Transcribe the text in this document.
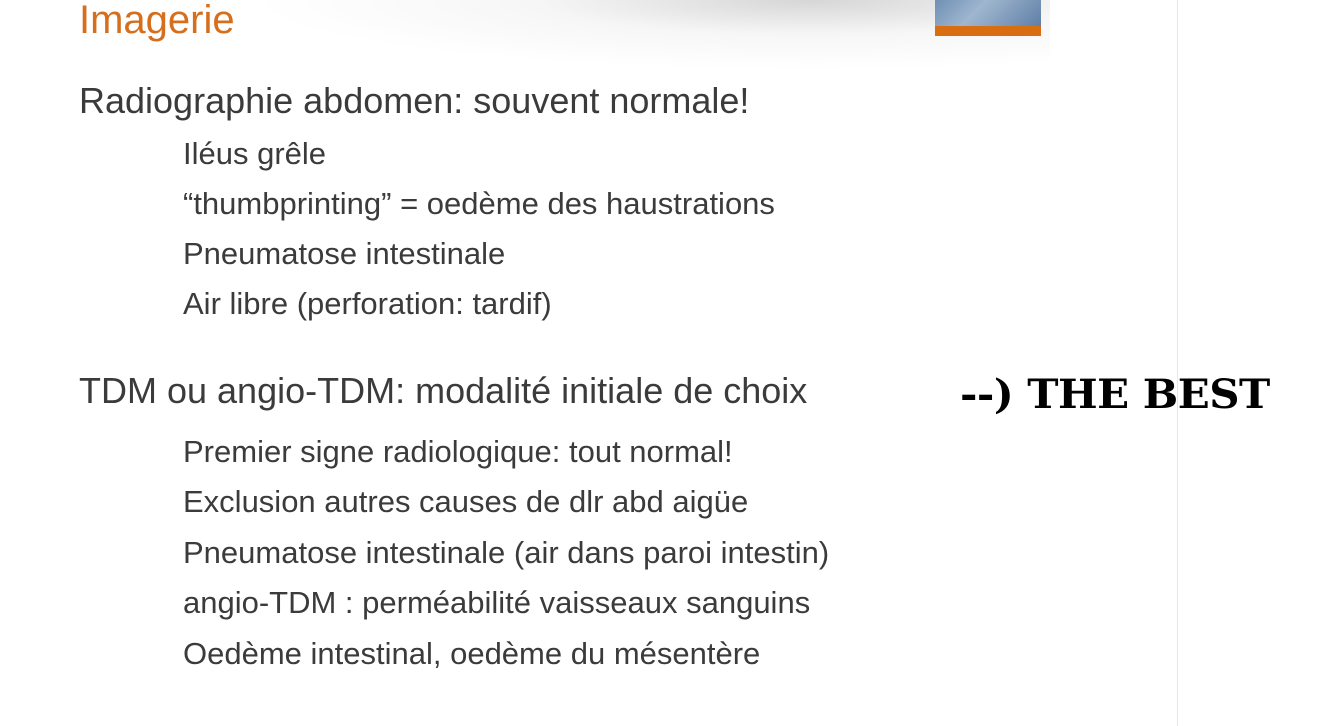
Imagerie
Radiographie abdomen: souvent normale!
Iléus grêle
“thumbprinting” = oedème des haustrations
Pneumatose intestinale
Air libre (perforation: tardif)
TDM ou angio-TDM: modalité initiale de choix
Premier signe radiologique: tout normal!
Exclusion autres causes de dlr abd aigüe
Pneumatose intestinale (air dans paroi intestin)
angio-TDM : perméabilité vaisseaux sanguins
Oedème intestinal, oedème du mésentère
--) THE BEST
